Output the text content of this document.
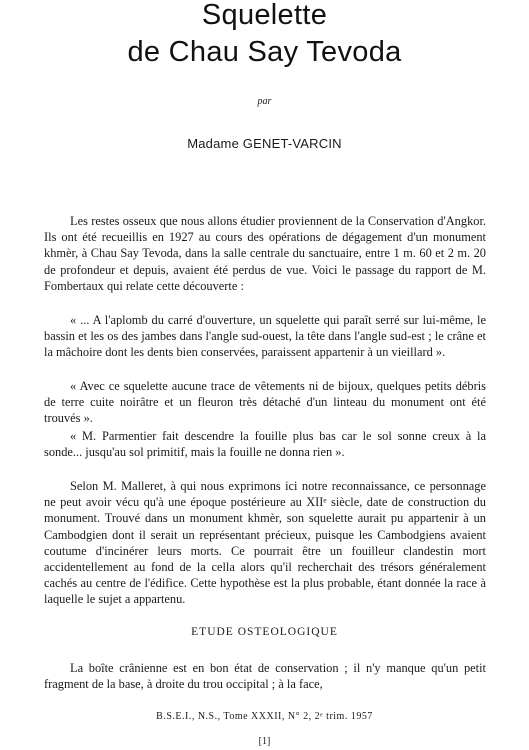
Squelette
de Chau Say Tevoda
par
Madame GENET-VARCIN

Les restes osseux que nous allons étudier proviennent de la Conservation d'Angkor. Ils ont été recueillis en 1927 au cours des opérations de dégagement d'un monument khmèr, à Chau Say Tevoda, dans la salle centrale du sanctuaire, entre 1 m. 60 et 2 m. 20 de profondeur et depuis, avaient été perdus de vue. Voici le passage du rapport de M. Fombertaux qui relate cette découverte :

« ... A l'aplomb du carré d'ouverture, un squelette qui paraît serré sur lui-même, le bassin et les os des jambes dans l'angle sud-ouest, la tête dans l'angle sud-est ; le crâne et la mâchoire dont les dents bien conservées, paraissent appartenir à un vieillard ».

« Avec ce squelette aucune trace de vêtements ni de bijoux, quelques petits débris de terre cuite noirâtre et un fleuron très détaché d'un linteau du monument ont été trouvés ».

« M. Parmentier fait descendre la fouille plus bas car le sol sonne creux à la sonde... jusqu'au sol primitif, mais la fouille ne donna rien ».

Selon M. Malleret, à qui nous exprimons ici notre reconnaissance, ce personnage ne peut avoir vécu qu'à une époque postérieure au XIIᵉ siècle, date de construction du monument. Trouvé dans un monument khmèr, son squelette aurait pu appartenir à un Cambodgien dont il serait un représentant précieux, puisque les Cambodgiens avaient coutume d'incinérer leurs morts. Ce pourrait être un fouilleur clandestin mort accidentellement au fond de la cella alors qu'il recherchait des trésors généralement cachés au centre de l'édifice. Cette hypothèse est la plus probable, étant donnée la race à laquelle le sujet a appartenu.

ETUDE OSTEOLOGIQUE

La boîte crânienne est en bon état de conservation ; il n'y manque qu'un petit fragment de la base, à droite du trou occipital ; à la face,

B.S.E.I., N.S., Tome XXXII, N° 2, 2ᵉ trim. 1957
[1]
